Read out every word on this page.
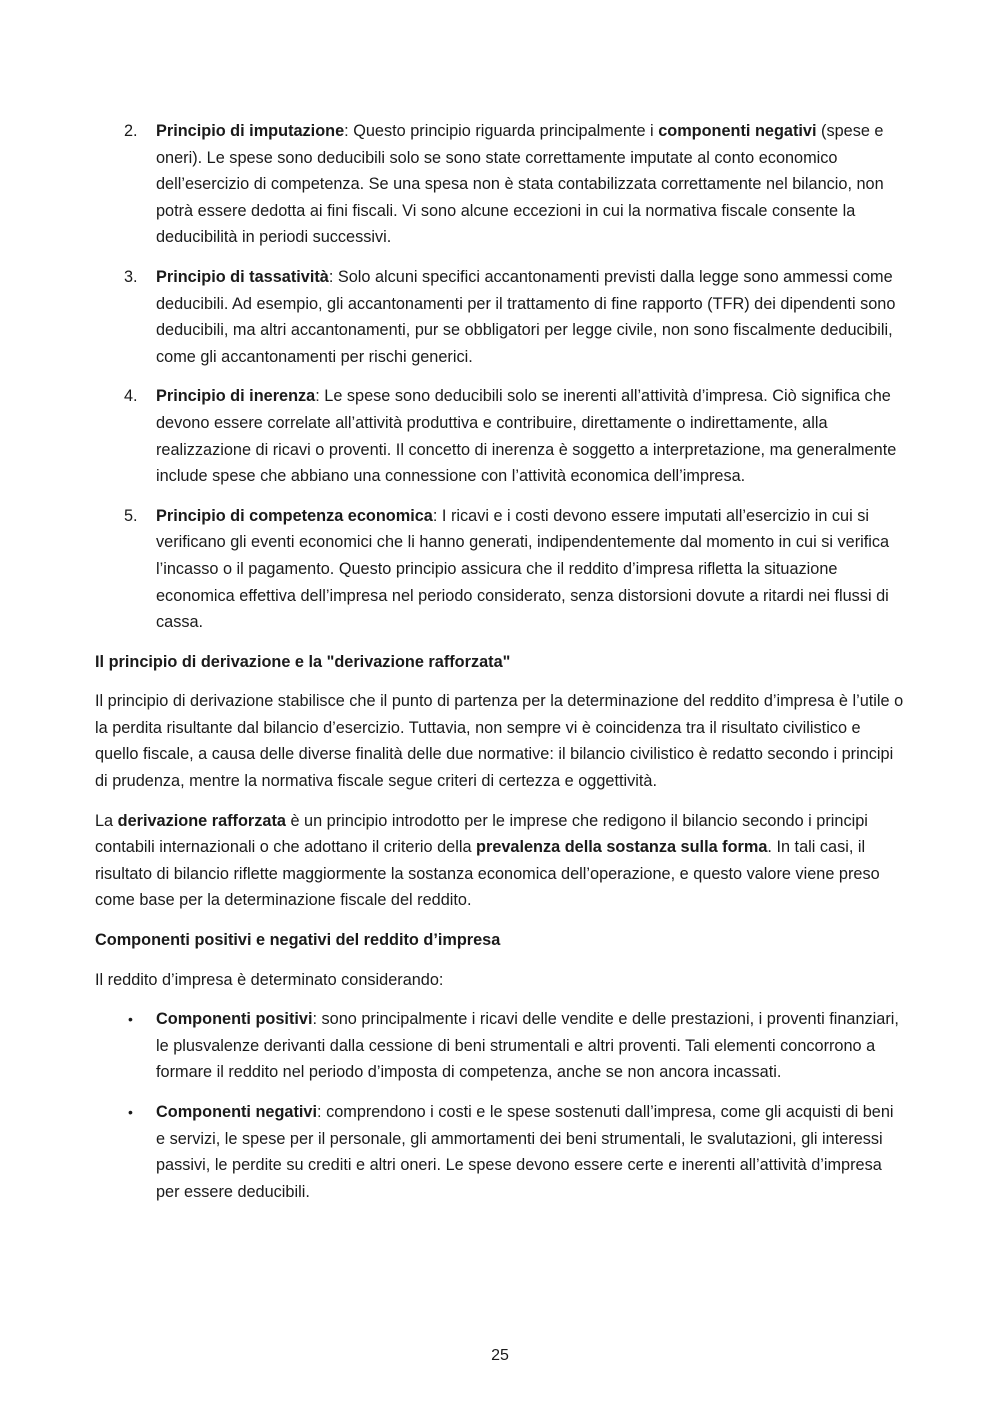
2. Principio di imputazione: Questo principio riguarda principalmente i componenti negativi (spese e oneri). Le spese sono deducibili solo se sono state correttamente imputate al conto economico dell’esercizio di competenza. Se una spesa non è stata contabilizzata correttamente nel bilancio, non potrà essere dedotta ai fini fiscali. Vi sono alcune eccezioni in cui la normativa fiscale consente la deducibilità in periodi successivi.
3. Principio di tassatività: Solo alcuni specifici accantonamenti previsti dalla legge sono ammessi come deducibili. Ad esempio, gli accantonamenti per il trattamento di fine rapporto (TFR) dei dipendenti sono deducibili, ma altri accantonamenti, pur se obbligatori per legge civile, non sono fiscalmente deducibili, come gli accantonamenti per rischi generici.
4. Principio di inerenza: Le spese sono deducibili solo se inerenti all’attività d’impresa. Ciò significa che devono essere correlate all’attività produttiva e contribuire, direttamente o indirettamente, alla realizzazione di ricavi o proventi. Il concetto di inerenza è soggetto a interpretazione, ma generalmente include spese che abbiano una connessione con l’attività economica dell’impresa.
5. Principio di competenza economica: I ricavi e i costi devono essere imputati all’esercizio in cui si verificano gli eventi economici che li hanno generati, indipendentemente dal momento in cui si verifica l’incasso o il pagamento. Questo principio assicura che il reddito d’impresa rifletta la situazione economica effettiva dell’impresa nel periodo considerato, senza distorsioni dovute a ritardi nei flussi di cassa.
Il principio di derivazione e la "derivazione rafforzata"

Il principio di derivazione stabilisce che il punto di partenza per la determinazione del reddito d’impresa è l’utile o la perdita risultante dal bilancio d’esercizio. Tuttavia, non sempre vi è coincidenza tra il risultato civilistico e quello fiscale, a causa delle diverse finalità delle due normative: il bilancio civilistico è redatto secondo i principi di prudenza, mentre la normativa fiscale segue criteri di certezza e oggettività.

La derivazione rafforzata è un principio introdotto per le imprese che redigono il bilancio secondo i principi contabili internazionali o che adottano il criterio della prevalenza della sostanza sulla forma. In tali casi, il risultato di bilancio riflette maggiormente la sostanza economica dell’operazione, e questo valore viene preso come base per la determinazione fiscale del reddito.

Componenti positivi e negativi del reddito d’impresa

Il reddito d’impresa è determinato considerando:

• Componenti positivi: sono principalmente i ricavi delle vendite e delle prestazioni, i proventi finanziari, le plusvalenze derivanti dalla cessione di beni strumentali e altri proventi. Tali elementi concorrono a formare il reddito nel periodo d’imposta di competenza, anche se non ancora incassati.
• Componenti negativi: comprendono i costi e le spese sostenuti dall’impresa, come gli acquisti di beni e servizi, le spese per il personale, gli ammortamenti dei beni strumentali, le svalutazioni, gli interessi passivi, le perdite su crediti e altri oneri. Le spese devono essere certe e inerenti all’attività d’impresa per essere deducibili.
25
